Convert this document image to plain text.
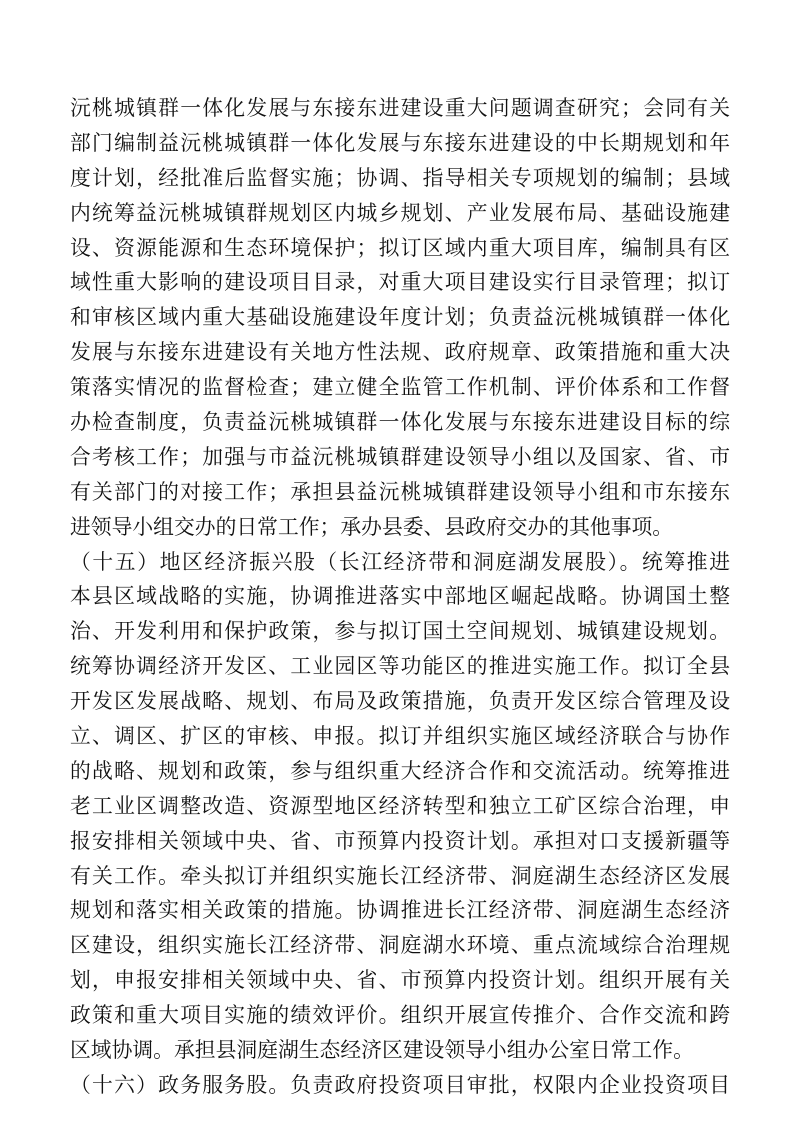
沅桃城镇群一体化发展与东接东进建设重大问题调查研究；会同有关
部门编制益沅桃城镇群一体化发展与东接东进建设的中长期规划和年
度计划，经批准后监督实施；协调、指导相关专项规划的编制；县域
内统筹益沅桃城镇群规划区内城乡规划、产业发展布局、基础设施建
设、资源能源和生态环境保护；拟订区域内重大项目库，编制具有区
域性重大影响的建设项目目录，对重大项目建设实行目录管理；拟订
和审核区域内重大基础设施建设年度计划；负责益沅桃城镇群一体化
发展与东接东进建设有关地方性法规、政府规章、政策措施和重大决
策落实情况的监督检查；建立健全监管工作机制、评价体系和工作督
办检查制度，负责益沅桃城镇群一体化发展与东接东进建设目标的综
合考核工作；加强与市益沅桃城镇群建设领导小组以及国家、省、市
有关部门的对接工作；承担县益沅桃城镇群建设领导小组和市东接东
进领导小组交办的日常工作；承办县委、县政府交办的其他事项。
（十五）地区经济振兴股（长江经济带和洞庭湖发展股）。统筹推进
本县区域战略的实施，协调推进落实中部地区崛起战略。协调国土整
治、开发利用和保护政策，参与拟订国土空间规划、城镇建设规划。
统筹协调经济开发区、工业园区等功能区的推进实施工作。拟订全县
开发区发展战略、规划、布局及政策措施，负责开发区综合管理及设
立、调区、扩区的审核、申报。拟订并组织实施区域经济联合与协作
的战略、规划和政策，参与组织重大经济合作和交流活动。统筹推进
老工业区调整改造、资源型地区经济转型和独立工矿区综合治理，申
报安排相关领域中央、省、市预算内投资计划。承担对口支援新疆等
有关工作。牵头拟订并组织实施长江经济带、洞庭湖生态经济区发展
规划和落实相关政策的措施。协调推进长江经济带、洞庭湖生态经济
区建设，组织实施长江经济带、洞庭湖水环境、重点流域综合治理规
划，申报安排相关领域中央、省、市预算内投资计划。组织开展有关
政策和重大项目实施的绩效评价。组织开展宣传推介、合作交流和跨
区域协调。承担县洞庭湖生态经济区建设领导小组办公室日常工作。
（十六）政务服务股。负责政府投资项目审批，权限内企业投资项目
